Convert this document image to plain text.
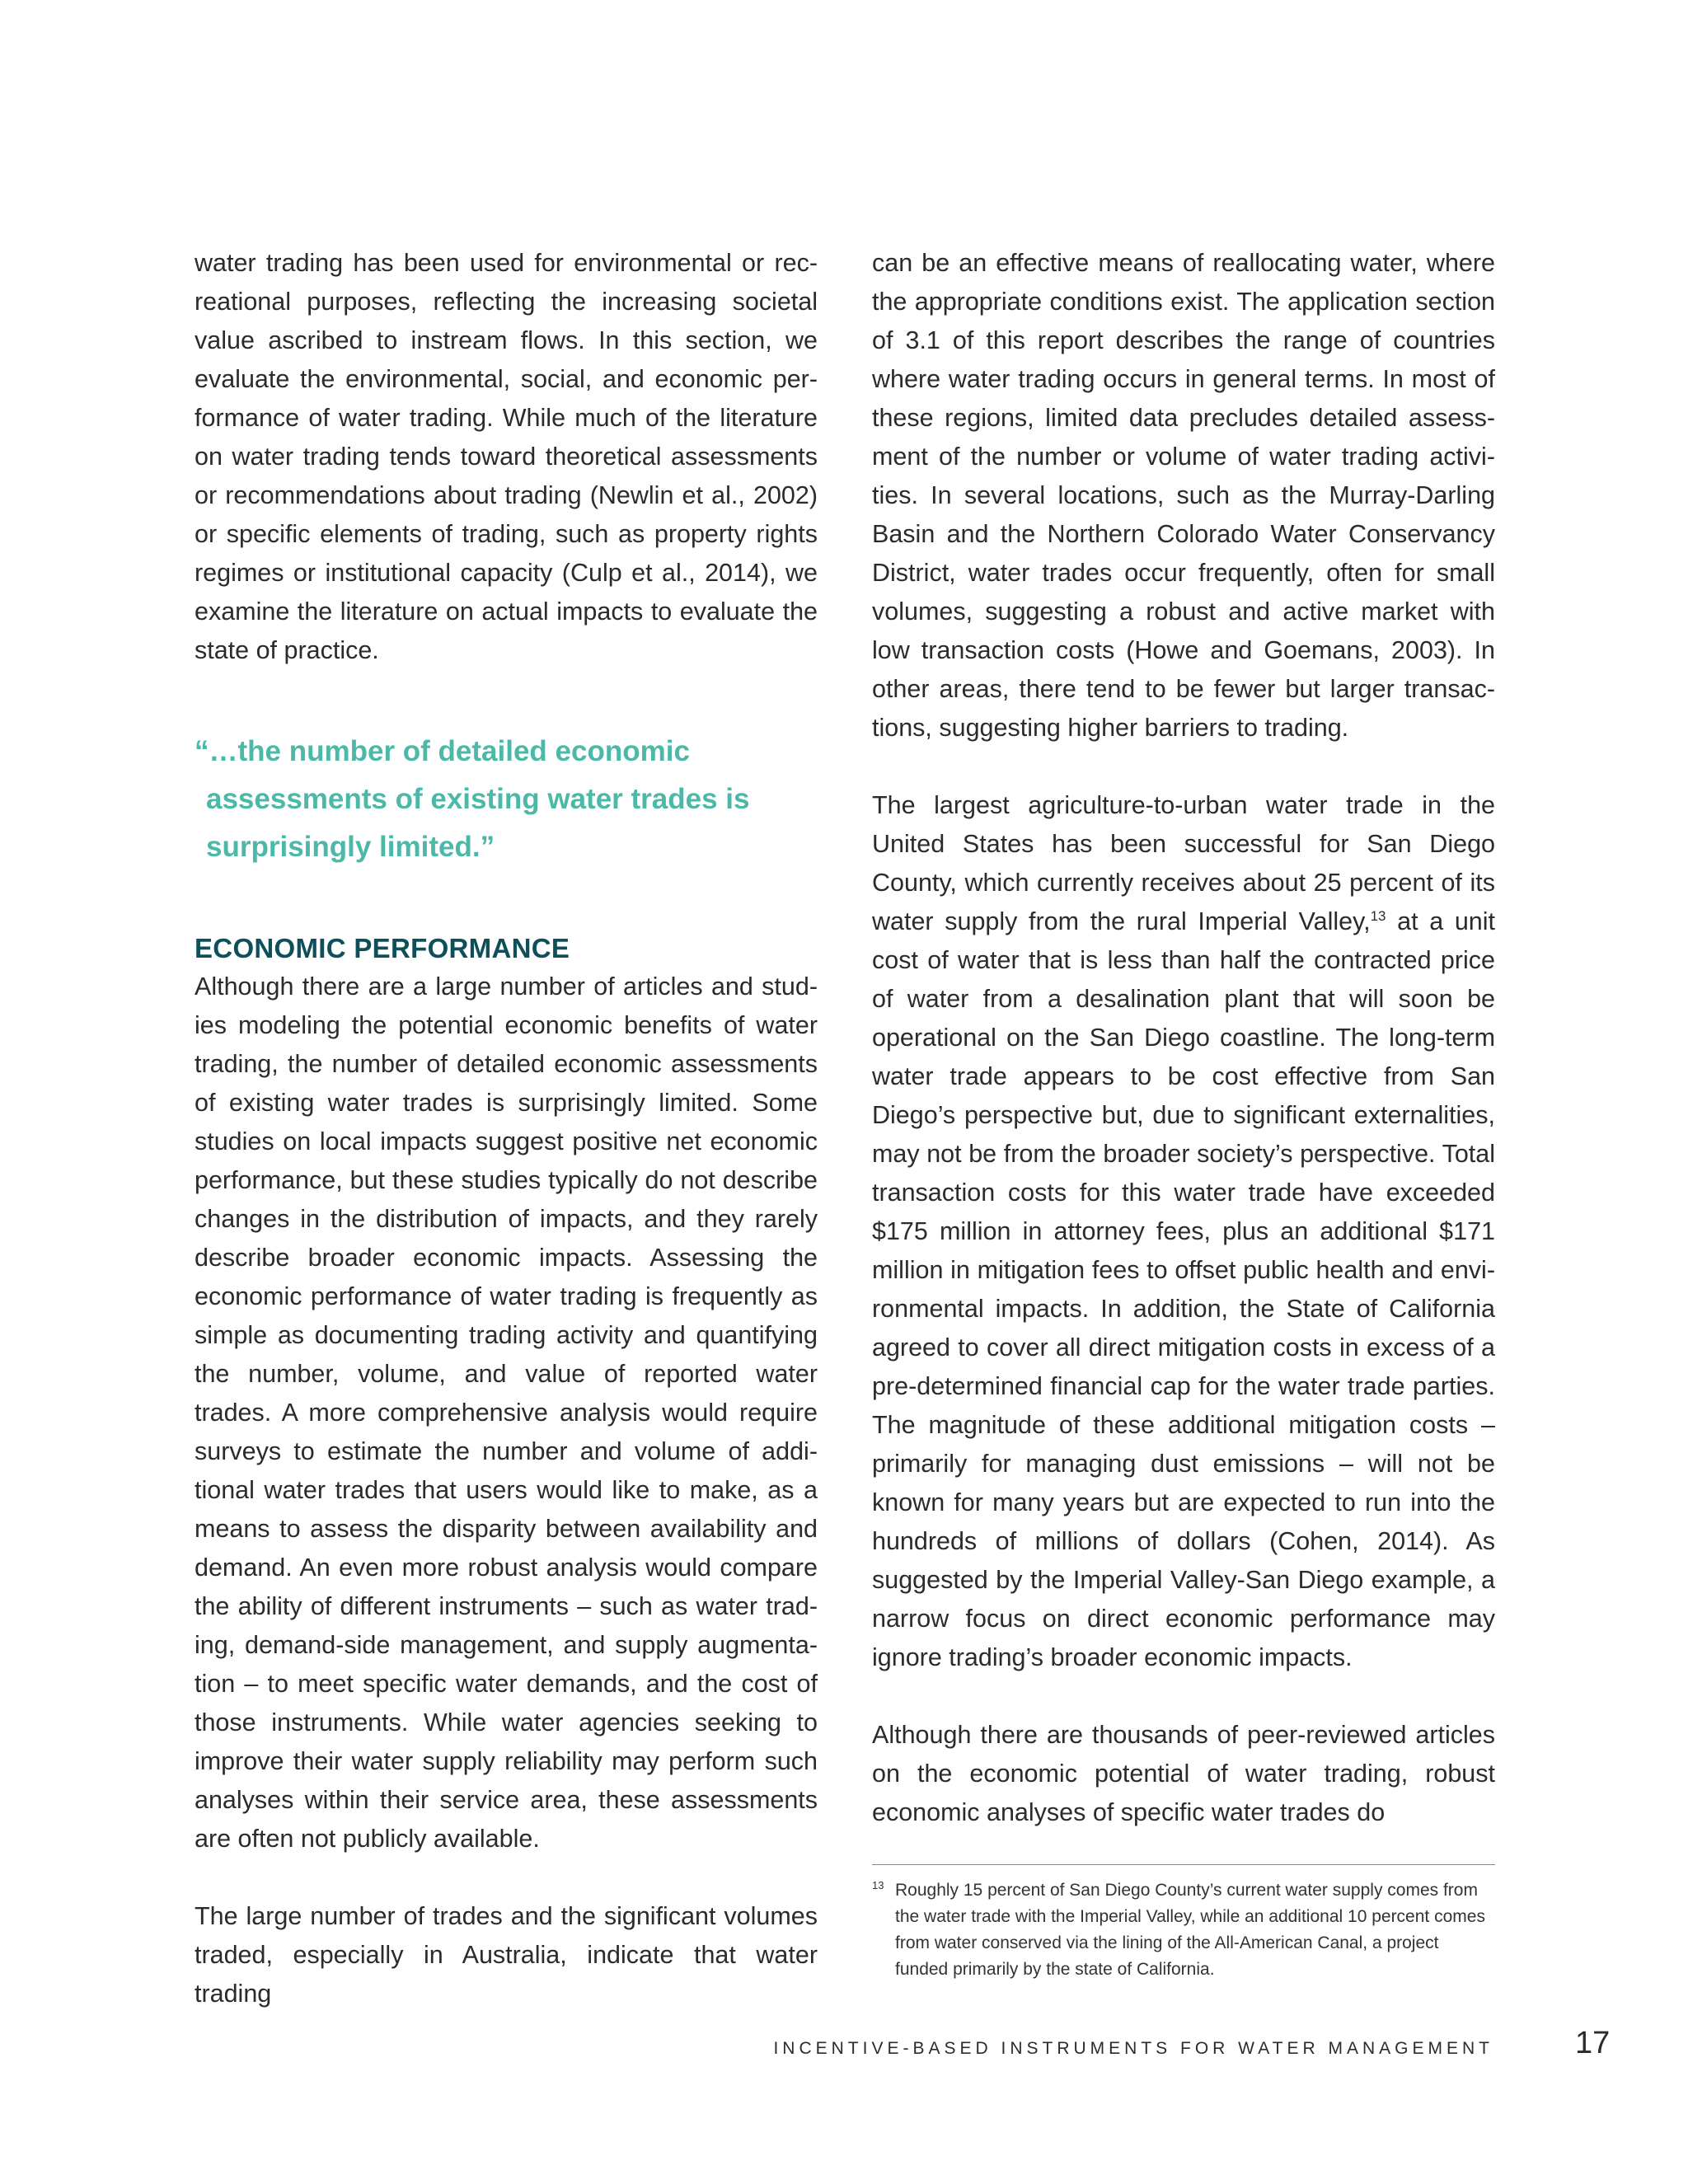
water trading has been used for environmental or recreational purposes, reflecting the increasing societal value ascribed to instream flows. In this section, we evaluate the environmental, social, and economic performance of water trading. While much of the literature on water trading tends toward theoretical assessments or recommendations about trading (Newlin et al., 2002) or specific elements of trading, such as property rights regimes or institutional capacity (Culp et al., 2014), we examine the literature on actual impacts to evaluate the state of practice.

“…the number of detailed economic
assessments of existing water trades is
surprisingly limited.”
ECONOMIC PERFORMANCE

Although there are a large number of articles and studies modeling the potential economic benefits of water trading, the number of detailed economic assessments of existing water trades is surprisingly limited. Some studies on local impacts suggest positive net economic performance, but these studies typically do not describe changes in the distribution of impacts, and they rarely describe broader economic impacts. Assessing the economic performance of water trading is frequently as simple as documenting trading activity and quantifying the number, volume, and value of reported water trades. A more comprehensive analysis would require surveys to estimate the number and volume of additional water trades that users would like to make, as a means to assess the disparity between availability and demand. An even more robust analysis would compare the ability of different instruments – such as water trading, demand-side management, and supply augmentation – to meet specific water demands, and the cost of those instruments. While water agencies seeking to improve their water supply reliability may perform such analyses within their service area, these assessments are often not publicly available.

The large number of trades and the significant volumes traded, especially in Australia, indicate that water trading

can be an effective means of reallocating water, where the appropriate conditions exist. The application section of 3.1 of this report describes the range of countries where water trading occurs in general terms. In most of these regions, limited data precludes detailed assessment of the number or volume of water trading activities. In several locations, such as the Murray-Darling Basin and the Northern Colorado Water Conservancy District, water trades occur frequently, often for small volumes, suggesting a robust and active market with low transaction costs (Howe and Goemans, 2003). In other areas, there tend to be fewer but larger transactions, suggesting higher barriers to trading.

The largest agriculture-to-urban water trade in the United States has been successful for San Diego County, which currently receives about 25 percent of its water supply from the rural Imperial Valley,$^{13}$ at a unit cost of water that is less than half the contracted price of water from a desalination plant that will soon be operational on the San Diego coastline. The long-term water trade appears to be cost effective from San Diego’s perspective but, due to significant externalities, may not be from the broader society’s perspective. Total transaction costs for this water trade have exceeded $175 million in attorney fees, plus an additional $171 million in mitigation fees to offset public health and environmental impacts. In addition, the State of California agreed to cover all direct mitigation costs in excess of a pre-determined financial cap for the water trade parties. The magnitude of these additional mitigation costs – primarily for managing dust emissions – will not be known for many years but are expected to run into the hundreds of millions of dollars (Cohen, 2014). As suggested by the Imperial Valley-San Diego example, a narrow focus on direct economic performance may ignore trading’s broader economic impacts.

Although there are thousands of peer-reviewed articles on the economic potential of water trading, robust economic analyses of specific water trades do

13 Roughly 15 percent of San Diego County’s current water supply comes from the water trade with the Imperial Valley, while an additional 10 percent comes from water conserved via the lining of the All-American Canal, a project funded primarily by the state of California.
INCENTIVE-BASED INSTRUMENTS FOR WATER MANAGEMENT	17
